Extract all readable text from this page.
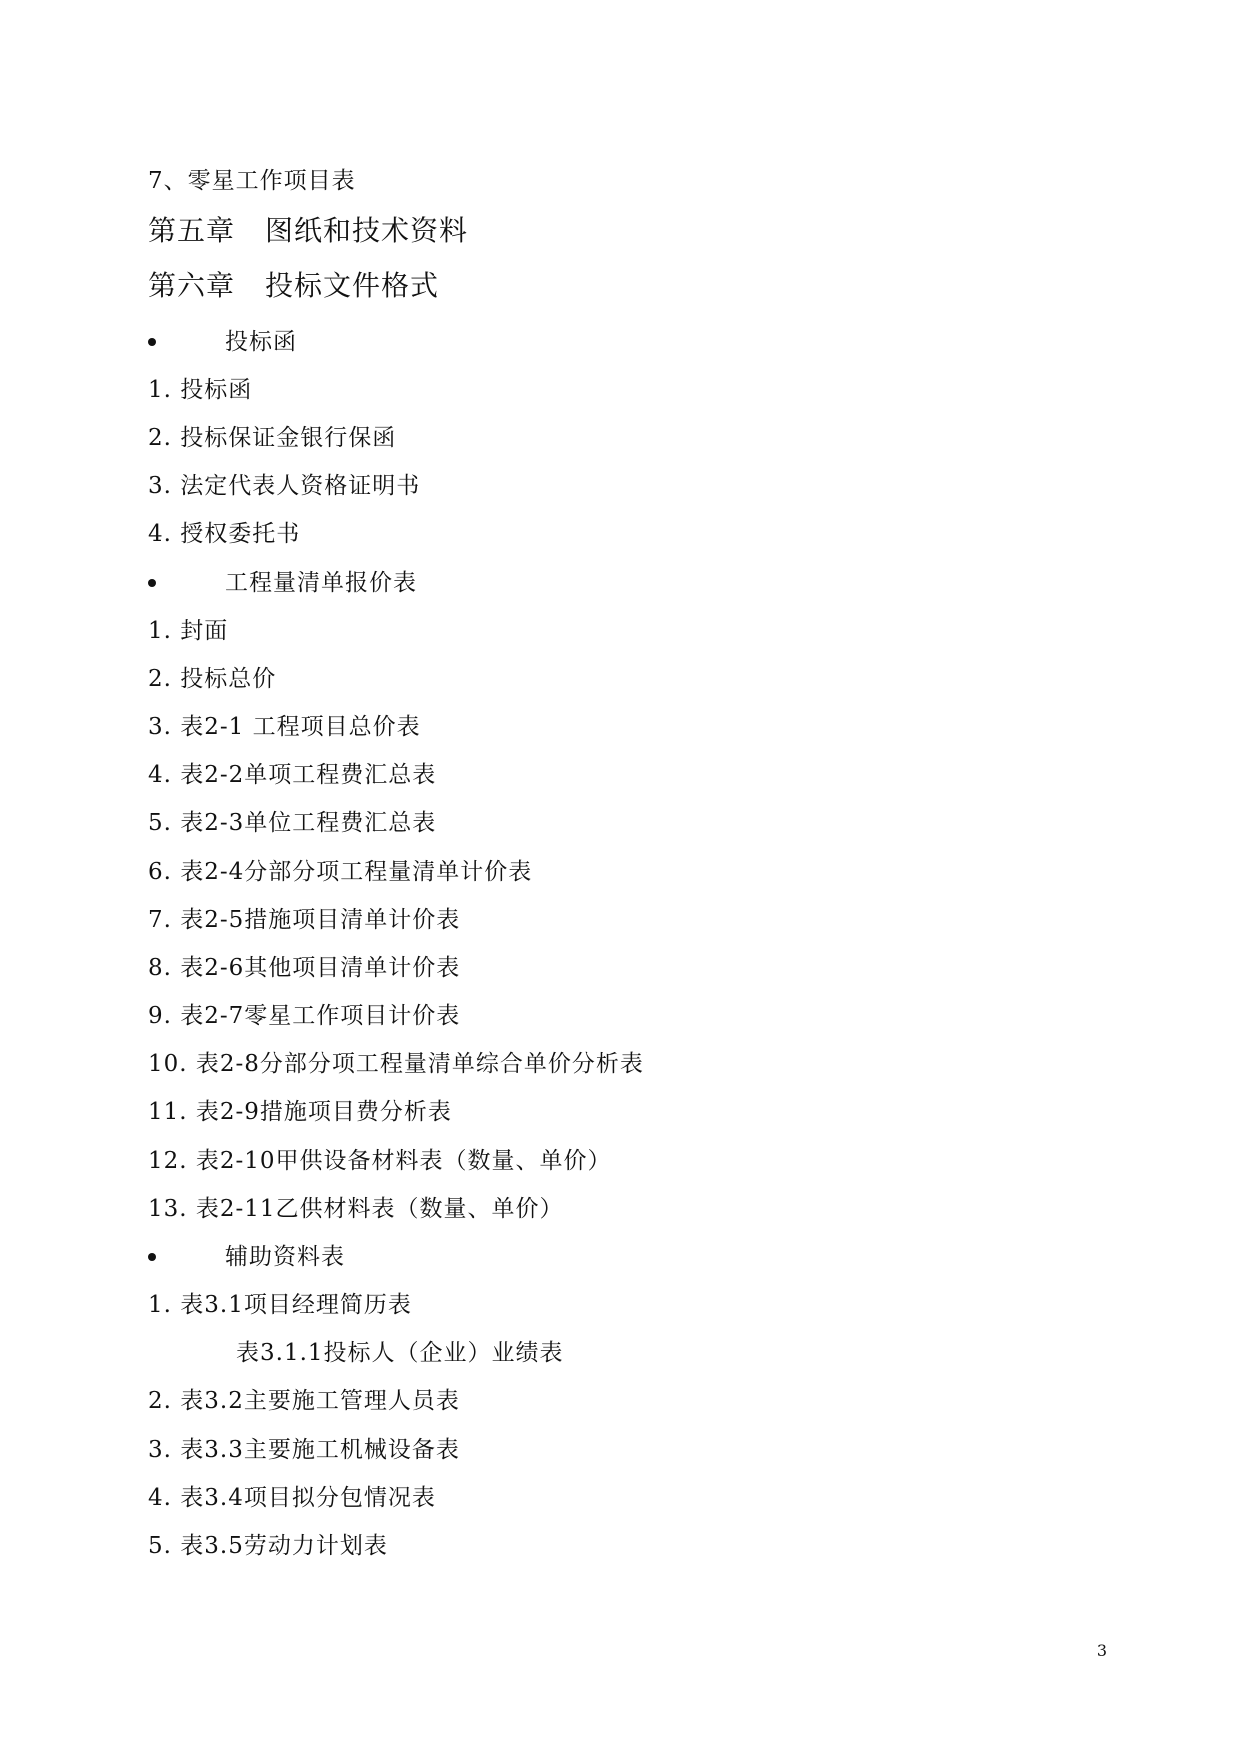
7、零星工作项目表
第五章 图纸和技术资料
第六章 投标文件格式
投标函
1. 投标函
2. 投标保证金银行保函
3. 法定代表人资格证明书
4. 授权委托书
工程量清单报价表
1. 封面
2. 投标总价
3. 表2-1 工程项目总价表
4. 表2-2单项工程费汇总表
5. 表2-3单位工程费汇总表
6. 表2-4分部分项工程量清单计价表
7. 表2-5措施项目清单计价表
8. 表2-6其他项目清单计价表
9. 表2-7零星工作项目计价表
10. 表2-8分部分项工程量清单综合单价分析表
11. 表2-9措施项目费分析表
12. 表2-10甲供设备材料表（数量、单价）
13. 表2-11乙供材料表（数量、单价）
辅助资料表
1. 表3.1项目经理简历表
表3.1.1投标人（企业）业绩表
2. 表3.2主要施工管理人员表
3. 表3.3主要施工机械设备表
4. 表3.4项目拟分包情况表
5. 表3.5劳动力计划表
3
